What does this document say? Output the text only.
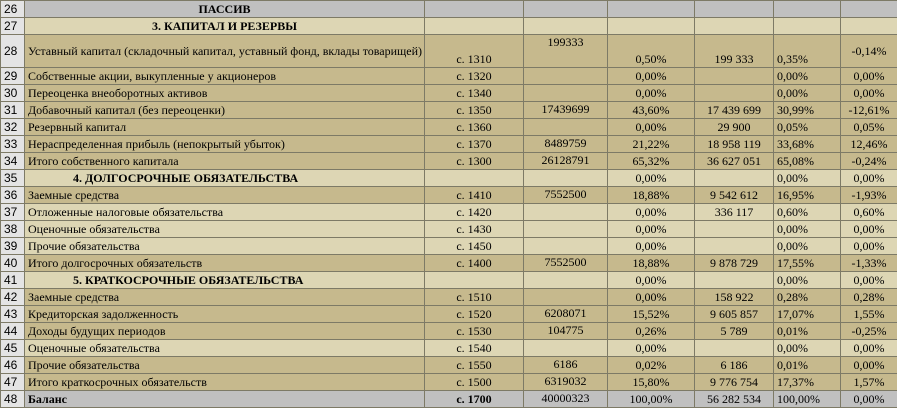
26	ПАССИВ						
27	3. КАПИТАЛ И РЕЗЕРВЫ						
28	Уставный капитал (складочный капитал, уставный фонд, вклады товарищей)	с. 1310	199333	0,50%	199 333	0,35%	-0,14%
29	Собственные акции, выкупленные у акционеров	с. 1320		0,00%		0,00%	0,00%
30	Переоценка внеоборотных активов	с. 1340		0,00%		0,00%	0,00%
31	Добавочный капитал (без переоценки)	с. 1350	17439699	43,60%	17 439 699	30,99%	-12,61%
32	Резервный капитал	с. 1360		0,00%	29 900	0,05%	0,05%
33	Нераспределенная прибыль (непокрытый убыток)	с. 1370	8489759	21,22%	18 958 119	33,68%	12,46%
34	Итого собственного капитала	с. 1300	26128791	65,32%	36 627 051	65,08%	-0,24%
35	4. ДОЛГОСРОЧНЫЕ ОБЯЗАТЕЛЬСТВА			0,00%		0,00%	0,00%
36	Заемные средства	с. 1410	7552500	18,88%	9 542 612	16,95%	-1,93%
37	Отложенные налоговые обязательства	с. 1420		0,00%	336 117	0,60%	0,60%
38	Оценочные обязательства	с. 1430		0,00%		0,00%	0,00%
39	Прочие обязательства	с. 1450		0,00%		0,00%	0,00%
40	Итого долгосрочных обязательств	с. 1400	7552500	18,88%	9 878 729	17,55%	-1,33%
41	5. КРАТКОСРОЧНЫЕ ОБЯЗАТЕЛЬСТВА			0,00%		0,00%	0,00%
42	Заемные средства	с. 1510		0,00%	158 922	0,28%	0,28%
43	Кредиторская задолженность	с. 1520	6208071	15,52%	9 605 857	17,07%	1,55%
44	Доходы будущих периодов	с. 1530	104775	0,26%	5 789	0,01%	-0,25%
45	Оценочные обязательства	с. 1540		0,00%		0,00%	0,00%
46	Прочие обязательства	с. 1550	6186	0,02%	6 186	0,01%	0,00%
47	Итого краткосрочных обязательств	с. 1500	6319032	15,80%	9 776 754	17,37%	1,57%
48	Баланс	с. 1700	40000323	100,00%	56 282 534	100,00%	0,00%
